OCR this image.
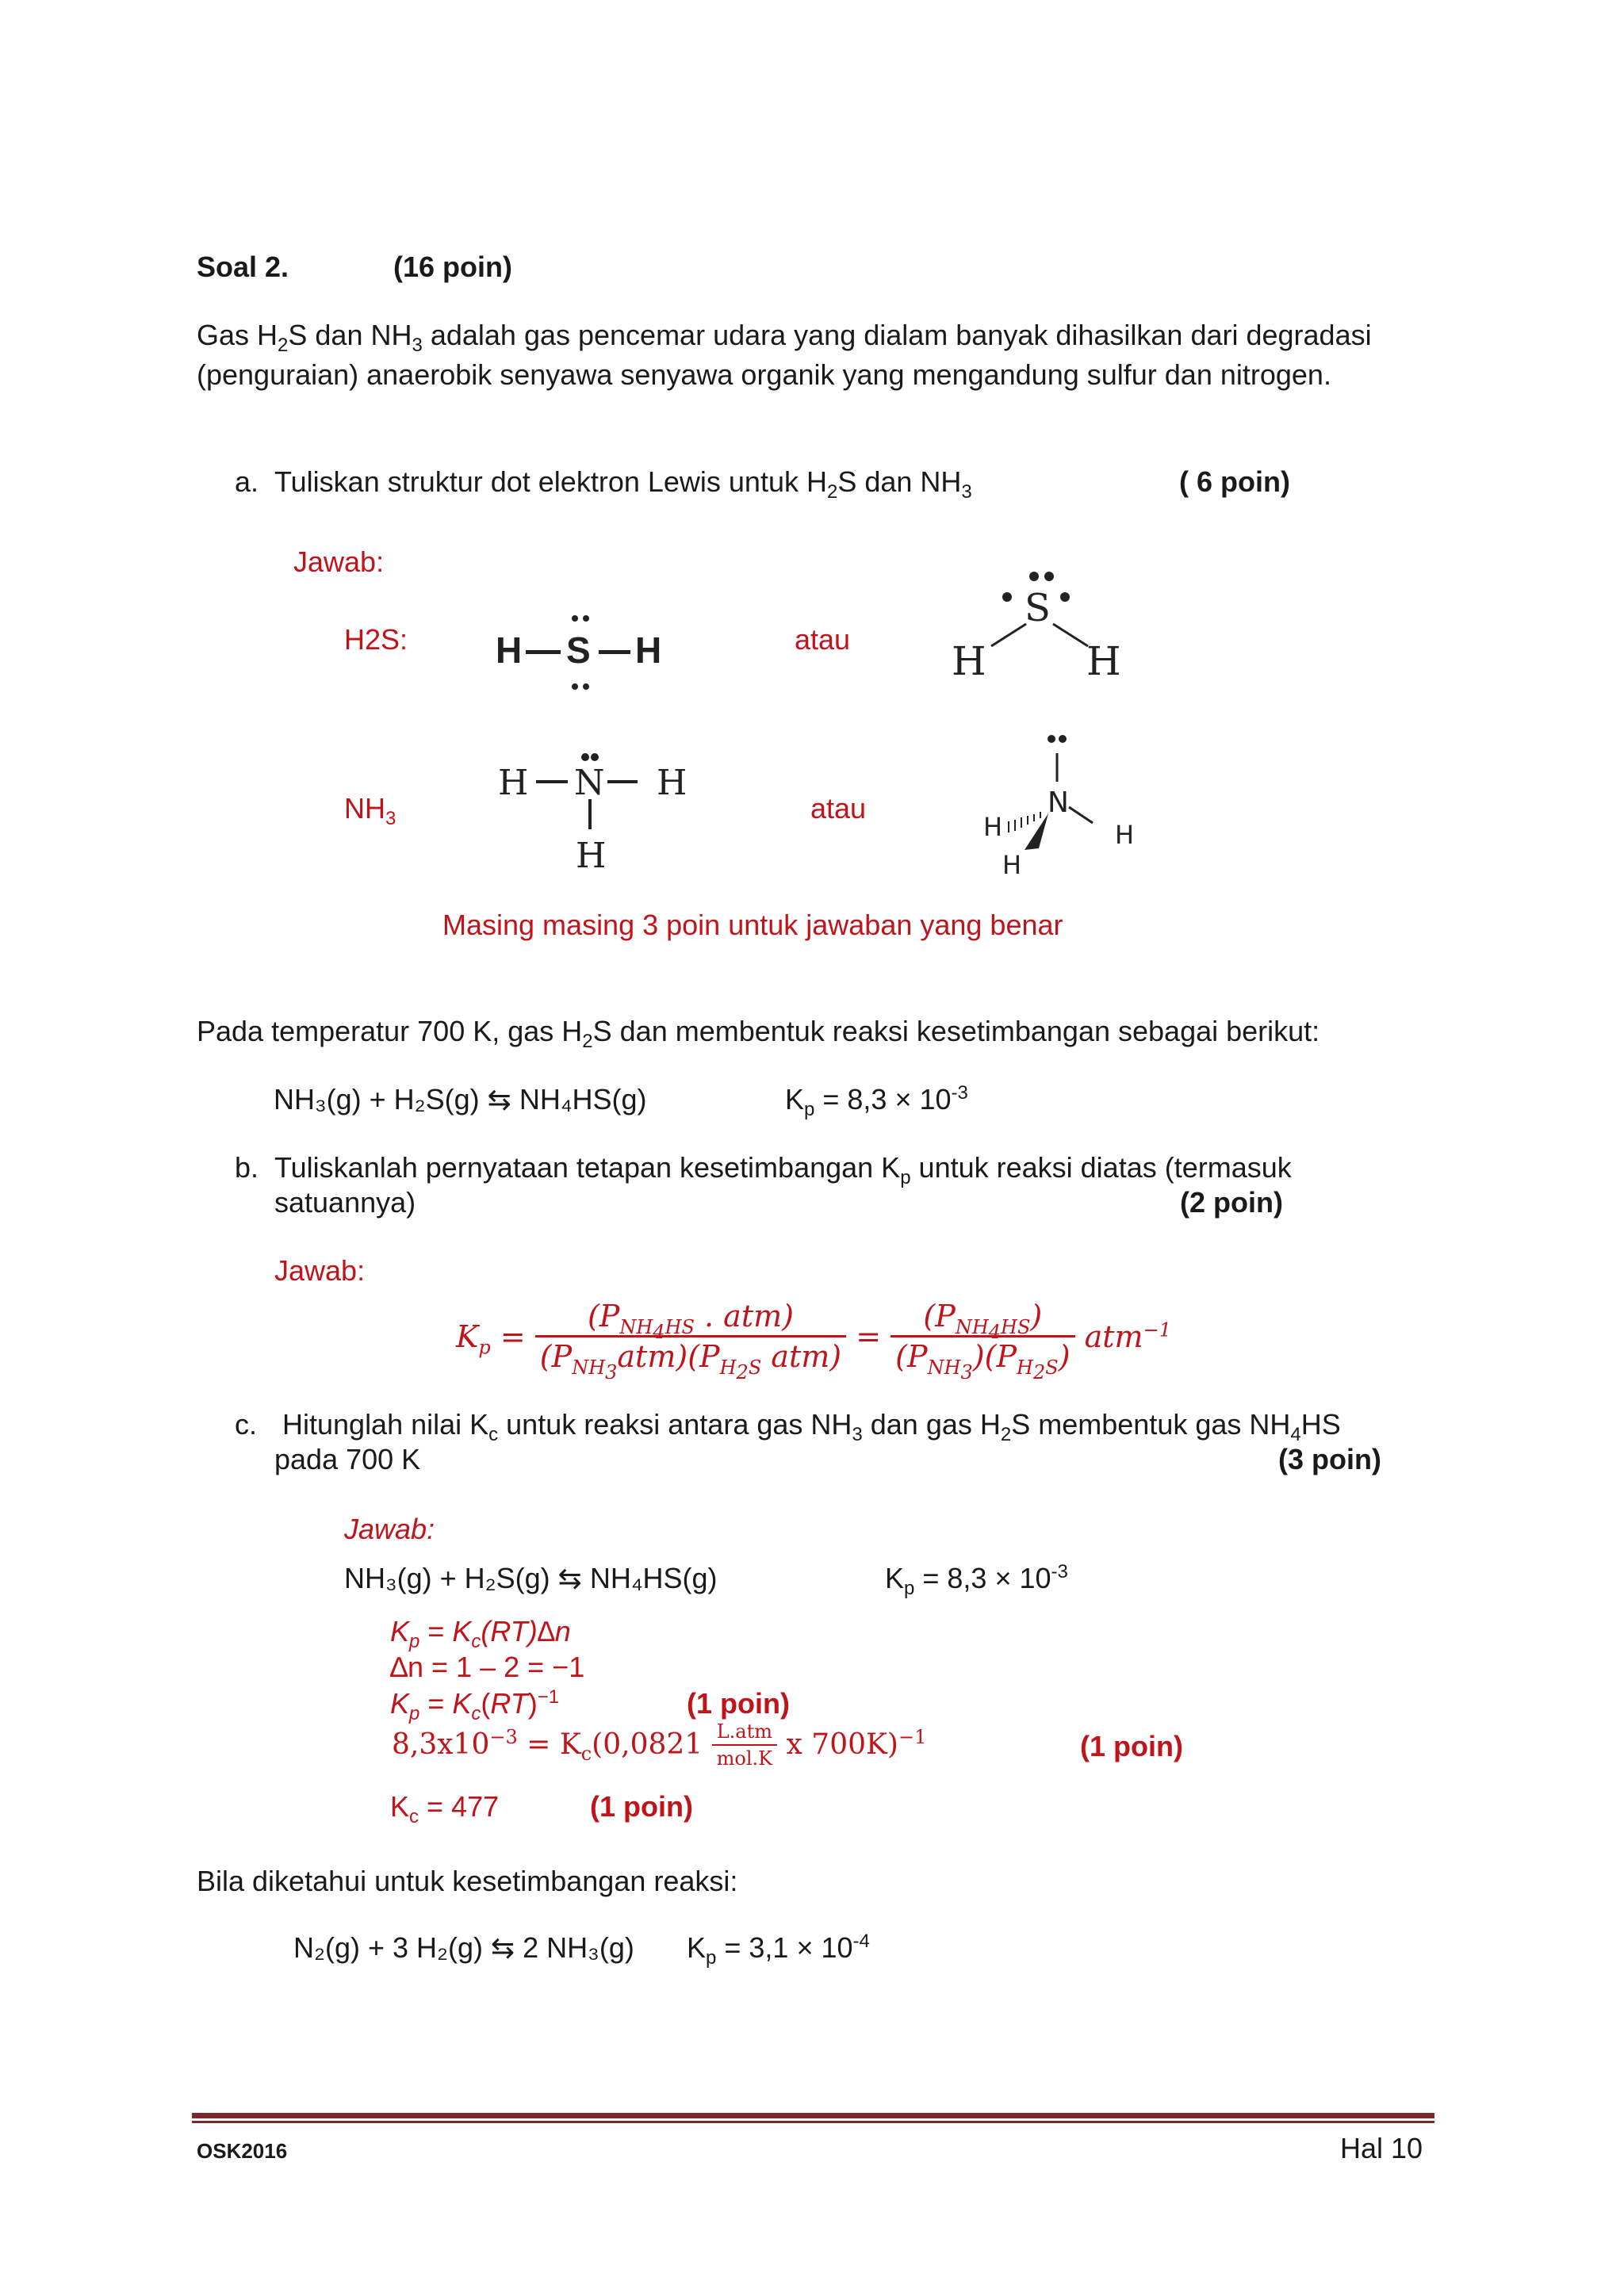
Soal 2.	(16 poin)
Gas $H_2S$ dan $NH_3$ adalah gas pencemar udara yang dialam banyak dihasilkan dari degradasi (penguraian) anaerobik senyawa senyawa organik yang mengandung sulfur dan nitrogen.
a. Tuliskan struktur dot elektron Lewis untuk $H_2S$ dan $NH_3$	( 6 poin)
Jawab:
H2S: H S H	atau
S
H	H
$NH_3$
H N H
H
atau	N
H
H
H
Masing masing 3 poin untuk jawaban yang benar
Pada temperatur 700 K, gas $H_2S$ dan membentuk reaksi kesetimbangan sebagai berikut:
NH₃(g) + H₂S(g) ⇆ NH₄HS(g)	$K_p = 8,3 \times 10^{-3}$
b. Tuliskanlah pernyataan tetapan kesetimbangan $K_p$ untuk reaksi diatas (termasuk
satuannya)	(2 poin)
Jawab:
$K_p = \frac{(P_{NH_4HS} . atm)}{(P_{NH_3}atm)(P_{H_2S} atm)} = \frac{(P_{NH_4HS})}{(P_{NH_3})(P_{H_2S})} atm^{-1}$
c. Hitunglah nilai $K_c$ untuk reaksi antara gas $NH_3$ dan gas $H_2S$ membentuk gas $NH_4HS$
pada 700 K	(3 poin)
Jawab:
NH₃(g) + H₂S(g) ⇆ NH₄HS(g)	$K_p = 8,3 \times 10^{-3}$
$K_p = K_c(RT)\Delta n$
∆n = 1 – 2 = −1
$K_p = K_c(RT)^{-1}$	(1 poin)
$8,3x10^{-3} = K_c(0,0821 \frac{\text{L.atm}}{\text{mol.K}}$ x 700K)$^{-1}$	(1 poin)
$K_c = 477$	(1 poin)
Bila diketahui untuk kesetimbangan reaksi:
N₂(g) + 3 H₂(g) ⇆ 2 NH₃(g) $K_p = 3,1 \times 10^{-4}$
OSK2016	Hal 10
